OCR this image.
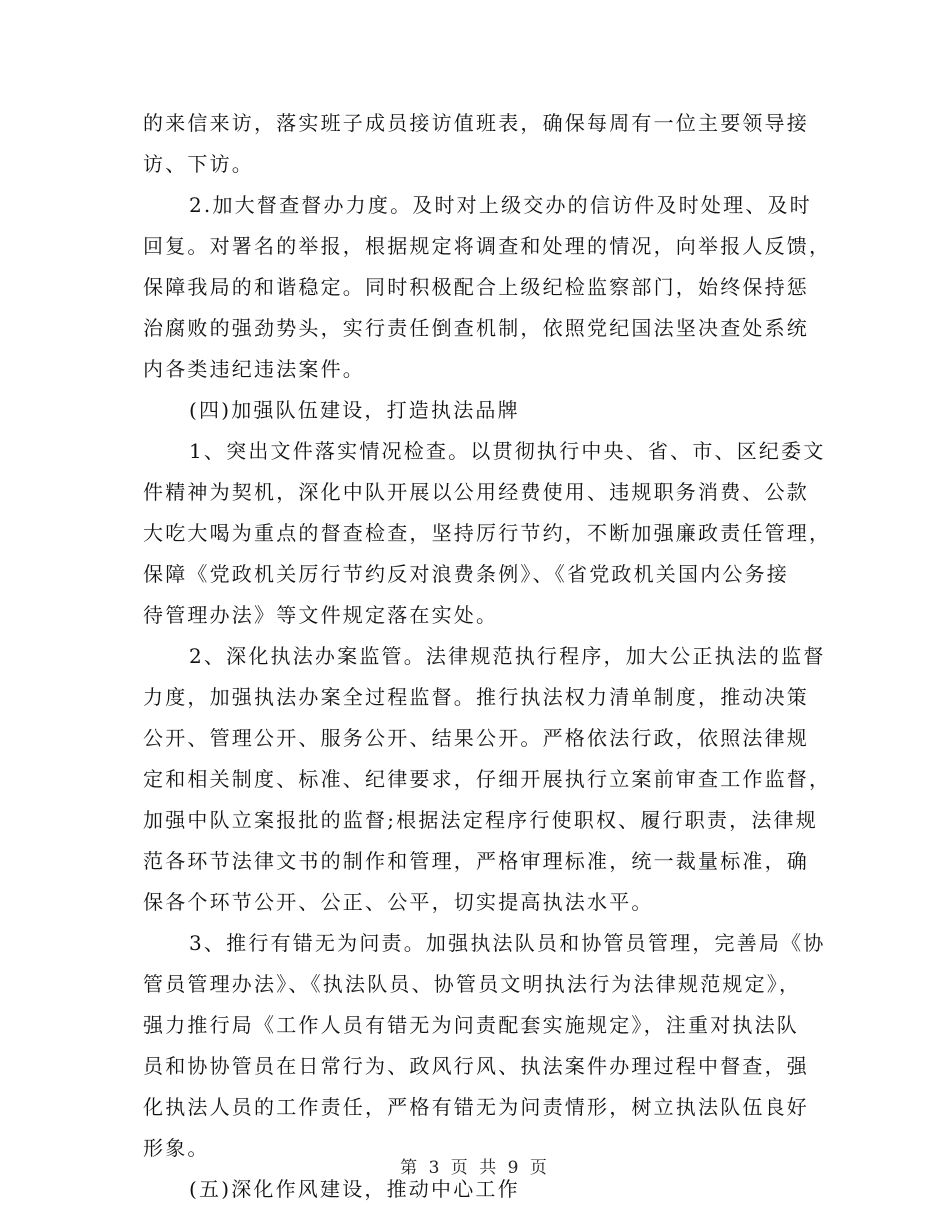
的来信来访，落实班子成员接访值班表，确保每周有一位主要领导接
访、下访。

2.加大督查督办力度。及时对上级交办的信访件及时处理、及时
回复。对署名的举报，根据规定将调查和处理的情况，向举报人反馈，
保障我局的和谐稳定。同时积极配合上级纪检监察部门，始终保持惩
治腐败的强劲势头，实行责任倒查机制，依照党纪国法坚决查处系统
内各类违纪违法案件。

(四)加强队伍建设，打造执法品牌

1、突出文件落实情况检查。以贯彻执行中央、省、市、区纪委文
件精神为契机，深化中队开展以公用经费使用、违规职务消费、公款
大吃大喝为重点的督查检查，坚持厉行节约，不断加强廉政责任管理，
保障《党政机关厉行节约反对浪费条例》、《省党政机关国内公务接
待管理办法》等文件规定落在实处。

2、深化执法办案监管。法律规范执行程序，加大公正执法的监督
力度，加强执法办案全过程监督。推行执法权力清单制度，推动决策
公开、管理公开、服务公开、结果公开。严格依法行政，依照法律规
定和相关制度、标准、纪律要求，仔细开展执行立案前审查工作监督，
加强中队立案报批的监督;根据法定程序行使职权、履行职责，法律规
范各环节法律文书的制作和管理，严格审理标准，统一裁量标准，确
保各个环节公开、公正、公平，切实提高执法水平。

3、推行有错无为问责。加强执法队员和协管员管理，完善局《协
管员管理办法》、《执法队员、协管员文明执法行为法律规范规定》，
强力推行局《工作人员有错无为问责配套实施规定》，注重对执法队
员和协协管员在日常行为、政风行风、执法案件办理过程中督查，强
化执法人员的工作责任，严格有错无为问责情形，树立执法队伍良好
形象。

(五)深化作风建设，推动中心工作

第 3 页 共 9 页
